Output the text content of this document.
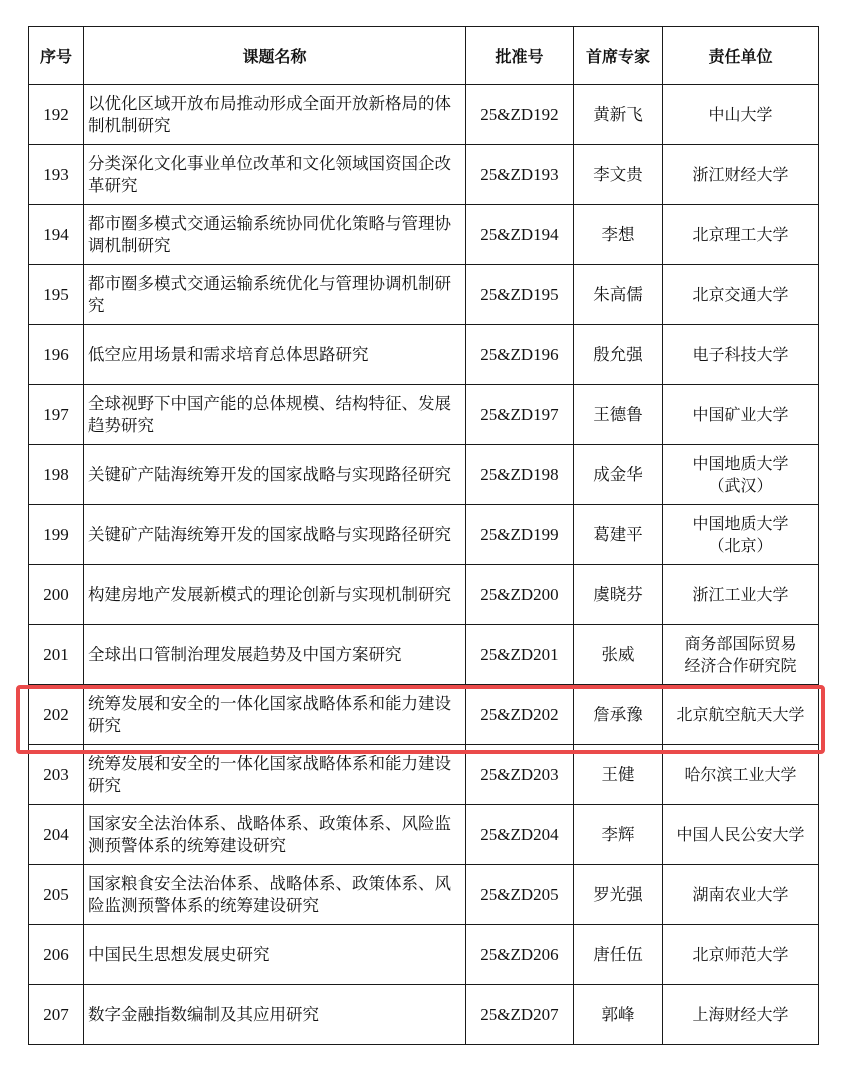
序号	课题名称	批准号	首席专家	责任单位
192	以优化区域开放布局推动形成全面开放新格局的体制机制研究	25&ZD192	黄新飞	中山大学

193	分类深化文化事业单位改革和文化领域国资国企改革研究	25&ZD193	李文贵	浙江财经大学

194	都市圈多模式交通运输系统协同优化策略与管理协调机制研究	25&ZD194	李想	北京理工大学

195	都市圈多模式交通运输系统优化与管理协调机制研究	25&ZD195	朱高儒	北京交通大学

196	低空应用场景和需求培育总体思路研究	25&ZD196	殷允强	电子科技大学

197	全球视野下中国产能的总体规模、结构特征、发展趋势研究	25&ZD197	王德鲁	中国矿业大学

198	关键矿产陆海统筹开发的国家战略与实现路径研究	25&ZD198	成金华	中国地质大学
（武汉）

199	关键矿产陆海统筹开发的国家战略与实现路径研究	25&ZD199	葛建平	中国地质大学
（北京）

200	构建房地产发展新模式的理论创新与实现机制研究	25&ZD200	虞晓芬	浙江工业大学

201	全球出口管制治理发展趋势及中国方案研究	25&ZD201	张威	商务部国际贸易
经济合作研究院

202	统筹发展和安全的一体化国家战略体系和能力建设研究	25&ZD202	詹承豫	北京航空航天大学

203	统筹发展和安全的一体化国家战略体系和能力建设研究	25&ZD203	王健	哈尔滨工业大学

204	国家安全法治体系、战略体系、政策体系、风险监测预警体系的统筹建设研究	25&ZD204	李辉	中国人民公安大学

205	国家粮食安全法治体系、战略体系、政策体系、风险监测预警体系的统筹建设研究	25&ZD205	罗光强	湖南农业大学

206	中国民生思想发展史研究	25&ZD206	唐任伍	北京师范大学

207	数字金融指数编制及其应用研究	25&ZD207	郭峰	上海财经大学
